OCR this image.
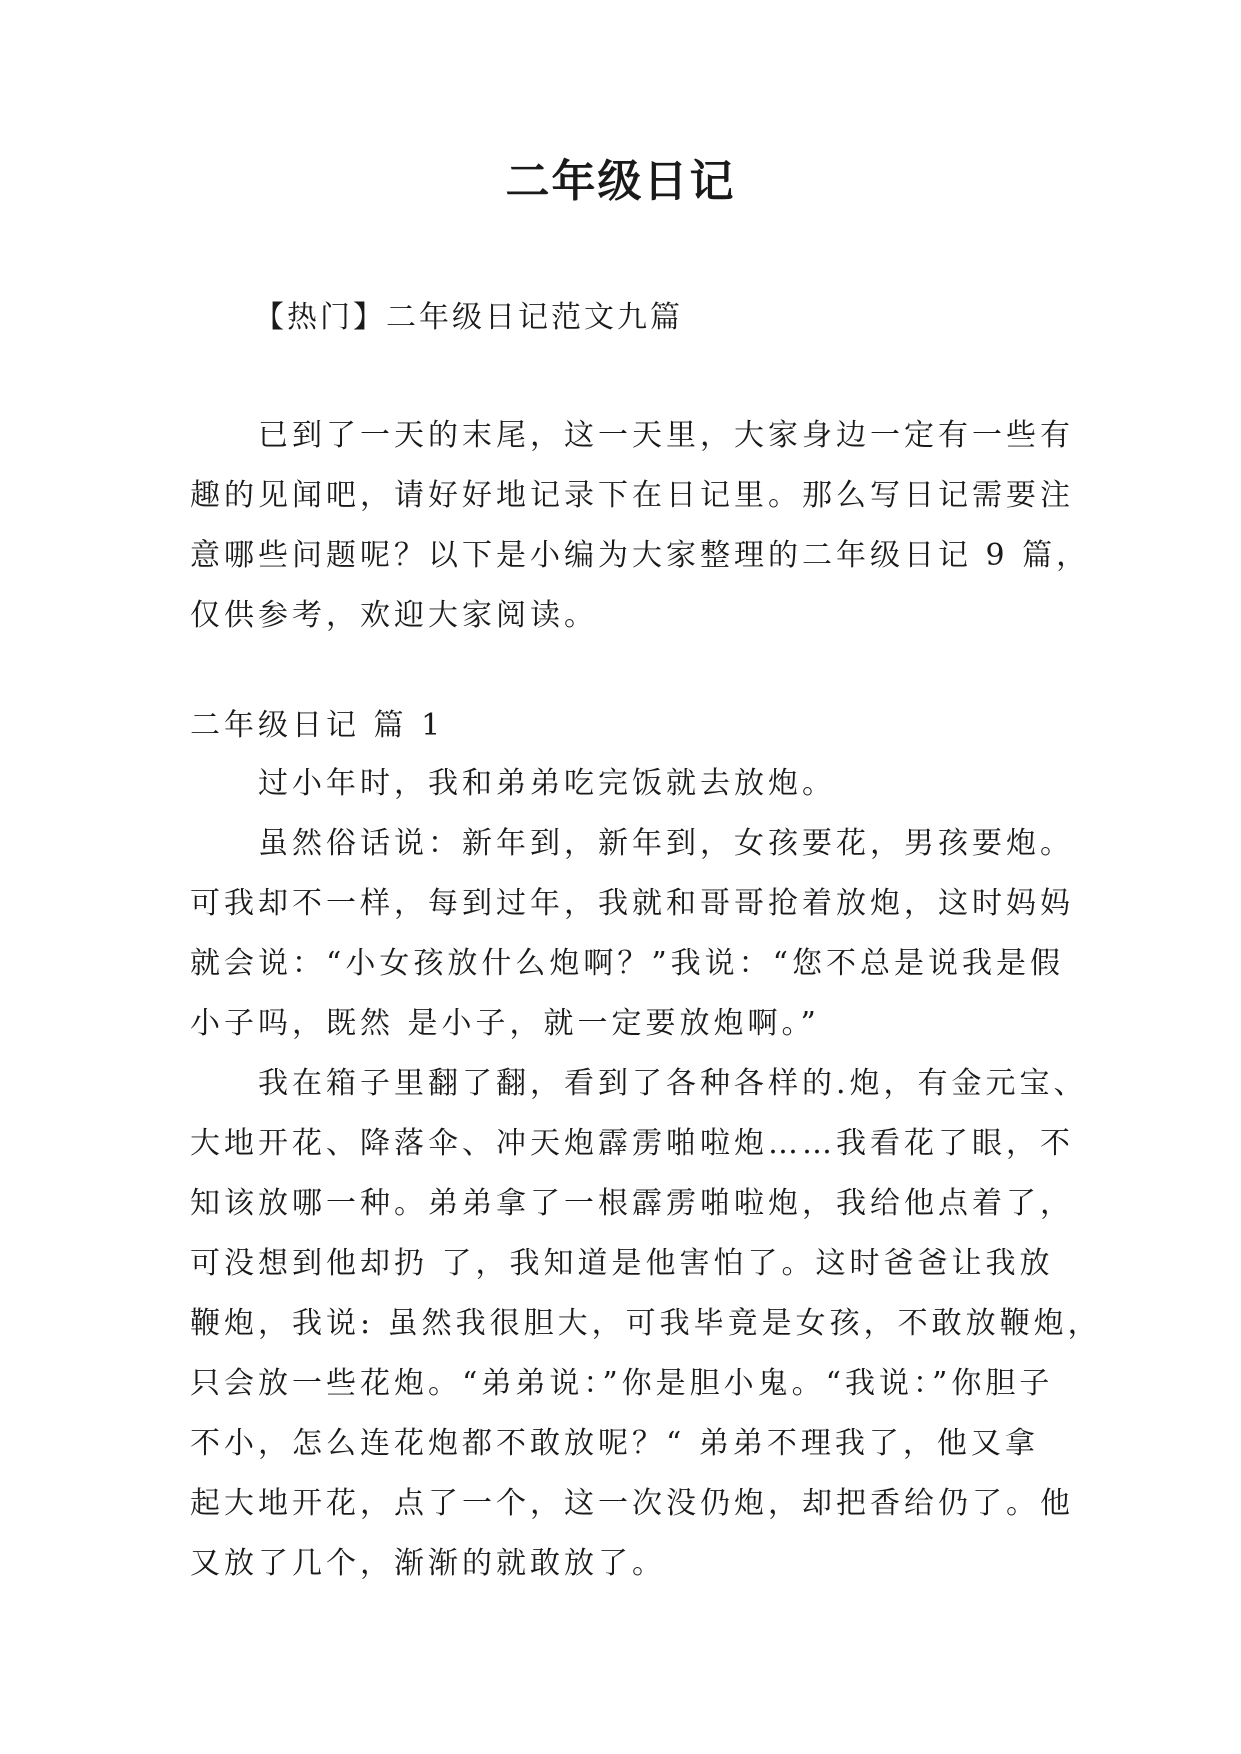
二年级日记

【热门】二年级日记范文九篇

已到了一天的末尾，这一天里，大家身边一定有一些有
趣的见闻吧，请好好地记录下在日记里。那么写日记需要注
意哪些问题呢？以下是小编为大家整理的二年级日记 9 篇，
仅供参考，欢迎大家阅读。

二年级日记 篇 1

过小年时，我和弟弟吃完饭就去放炮。
虽然俗话说：新年到，新年到，女孩要花，男孩要炮。
可我却不一样，每到过年，我就和哥哥抢着放炮，这时妈妈
就会说：“小女孩放什么炮啊？”我说：“您不总是说我是假
小子吗，既然 是小子，就一定要放炮啊。”
我在箱子里翻了翻，看到了各种各样的.炮，有金元宝、
大地开花、降落伞、冲天炮霹雳啪啦炮……我看花了眼，不
知该放哪一种。弟弟拿了一根霹雳啪啦炮，我给他点着了，
可没想到他却扔 了，我知道是他害怕了。这时爸爸让我放
鞭炮，我说: 虽然我很胆大，可我毕竟是女孩，不敢放鞭炮，
只会放一些花炮。“弟弟说：”你是胆小鬼。“我说：”你胆子
不小，怎么连花炮都不敢放呢？“ 弟弟不理我了，他又拿
起大地开花，点了一个，这一次没仍炮，却把香给仍了。他
又放了几个，渐渐的就敢放了。
